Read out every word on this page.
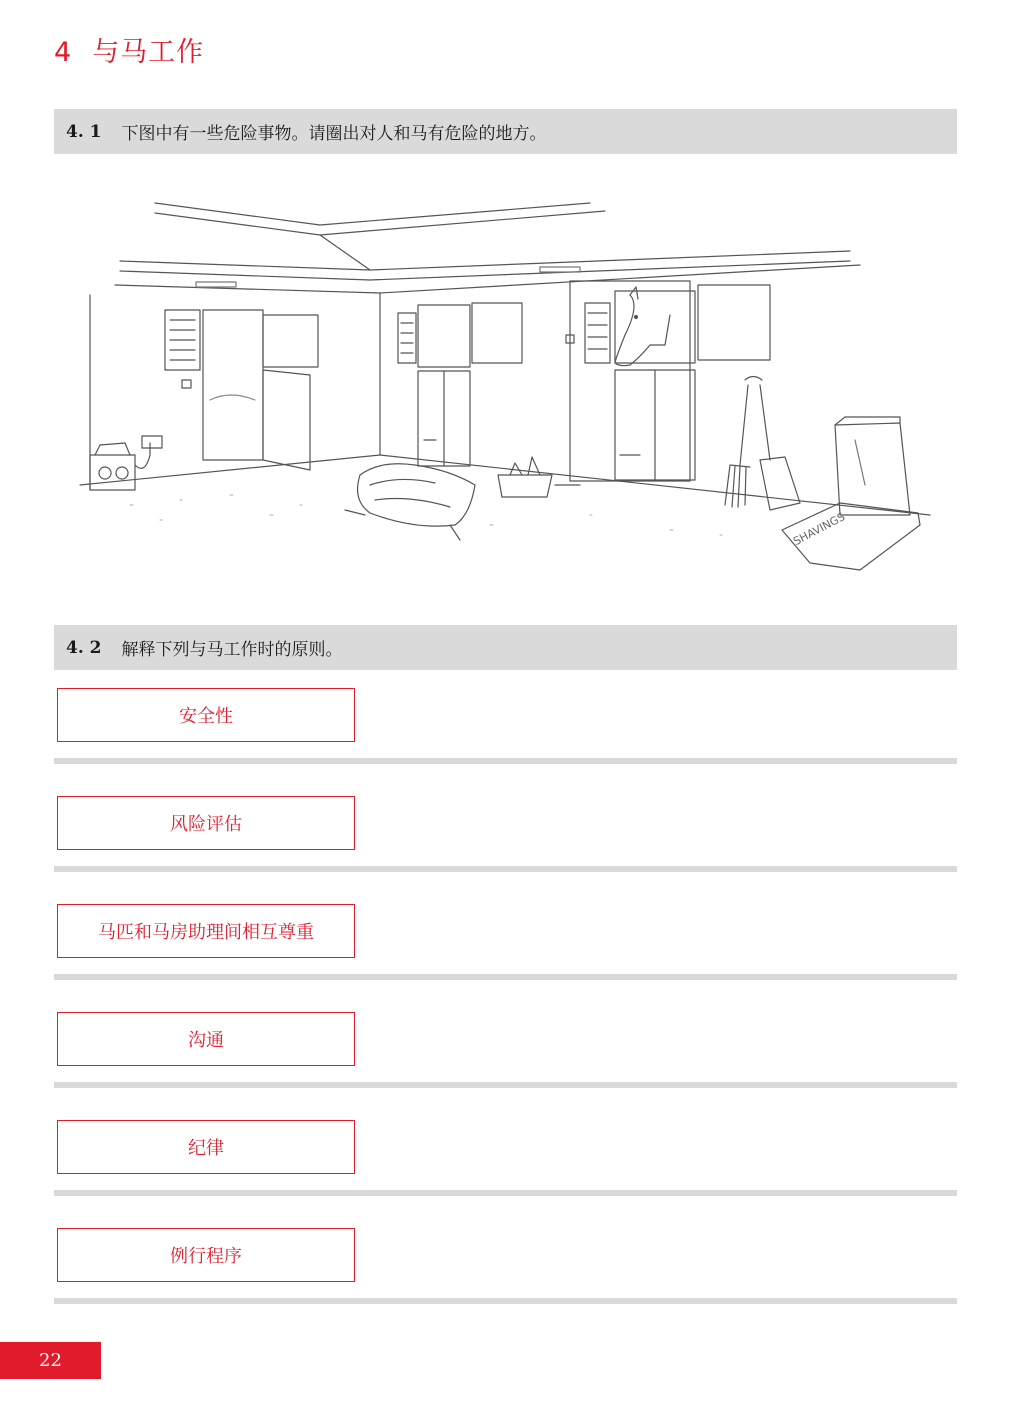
4 与马工作
4. 1 下图中有一些危险事物。请圈出对人和马有危险的地方。
SHAVINGS
4. 2 解释下列与马工作时的原则。
安全性
风险评估
马匹和马房助理间相互尊重
沟通
纪律
例行程序
22
